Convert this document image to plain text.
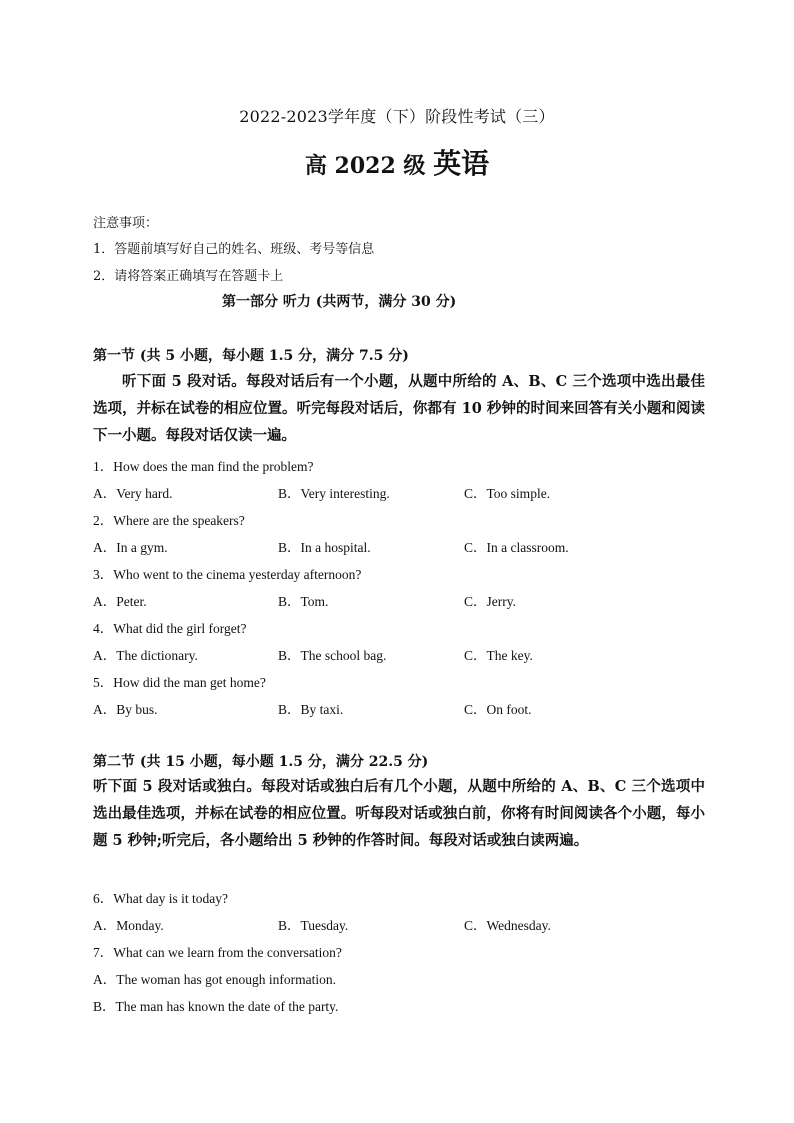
2022-2023学年度（下）阶段性考试（三）
高 2022 级 英语
注意事项：
1．答题前填写好自己的姓名、班级、考号等信息
2．请将答案正确填写在答题卡上
第一部分 听力 (共两节，满分 30 分)
第一节 (共 5 小题，每小题 1.5 分，满分 7.5 分)
听下面 5 段对话。每段对话后有一个小题，从题中所给的 A、B、C 三个选项中选出最佳选项，并标在试卷的相应位置。听完每段对话后，你都有 10 秒钟的时间来回答有关小题和阅读下一小题。每段对话仅读一遍。
1．How does the man find the problem?
A．Very hard.	B．Very interesting.	C．Too simple.
2．Where are the speakers?
A．In a gym.	B．In a hospital.	C．In a classroom.
3．Who went to the cinema yesterday afternoon?
A．Peter.	B．Tom.	C．Jerry.
4．What did the girl forget?
A．The dictionary.	B．The school bag.	C．The key.
5．How did the man get home?
A．By bus.	B．By taxi.	C．On foot.
第二节 (共 15 小题，每小题 1.5 分，满分 22.5 分)
听下面 5 段对话或独白。每段对话或独白后有几个小题，从题中所给的 A、B、C 三个选项中选出最佳选项，并标在试卷的相应位置。听每段对话或独白前，你将有时间阅读各个小题，每小题 5 秒钟;听完后，各小题给出 5 秒钟的作答时间。每段对话或独白读两遍。
6．What day is it today?
A．Monday.	B．Tuesday.	C．Wednesday.
7．What can we learn from the conversation?
A．The woman has got enough information.
B．The man has known the date of the party.
